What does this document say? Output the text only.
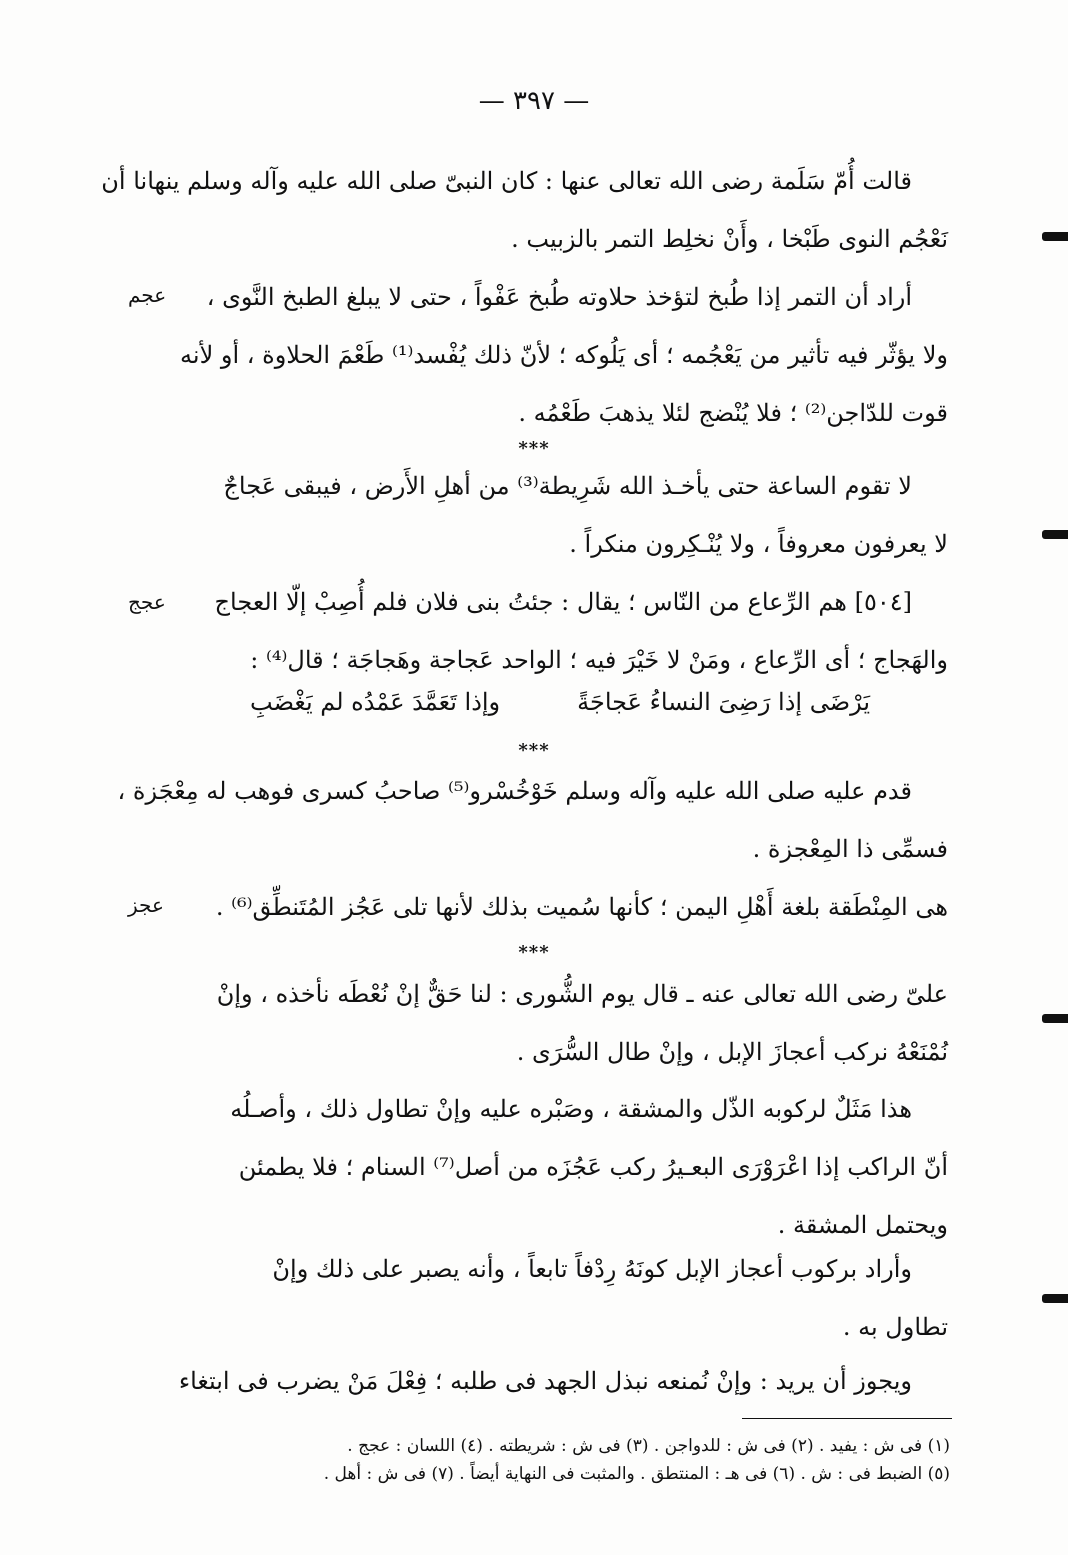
— ٣٩٧ —
قالت أُمّ سَلَمة رضى الله تعالى عنها : كان النبىّ صلى الله عليه وآله وسلم ينهانا أن
نَعْجُم النوى طَبْخا ، وأَنْ نخلِط التمر بالزبيب .
أراد أن التمر إذا طُبخ لتؤخذ حلاوته طُبخ عَفْواً ، حتى لا يبلغ الطبخ النَّوى ،
ولا يؤثّر فيه تأثير من يَعْجُمه ؛ أى يَلُوكه ؛ لأنّ ذلك يُفْسد⁽¹⁾ طَعْمَ الحلاوة ، أو لأنه
قوت للدّاجن⁽²⁾ ؛ فلا يُنْضج لئلا يذهبَ طَعْمُه .
***
لا تقوم الساعة حتى يأخـذ الله شَرِيطة⁽³⁾ من أهلِ الأَرض ، فيبقى عَجاجٌ
لا يعرفون معروفاً ، ولا يُنْـكِرون منكراً .
[٥٠٤] هم الرِّعاع من النّاس ؛ يقال : جئتُ بنى فلان فلم أُصِبْ إلّا العجاج
والهَجاج ؛ أى الرِّعاع ، ومَنْ لا خَيْرَ فيه ؛ الواحد عَجاجة وهَجاجَة ؛ قال⁽⁴⁾ :
يَرْضَى إذا رَضِىَ النساءُ عَجاجَةً
وإذا تَعَمَّدَ عَمْدُه لم يَغْضَبِ
***
قدم عليه صلى الله عليه وآله وسلم خَوْخُسْرو⁽⁵⁾ صاحبُ كسرى فوهب له مِعْجَزة ،
فسمِّى ذا المِعْجزة .
هى المِنْطَقة بلغة أَهْلِ اليمن ؛ كأنها سُميت بذلك لأنها تلى عَجُز المُتَنطِّق⁽⁶⁾ .
***
علىّ رضى الله تعالى عنه ـ قال يوم الشُّورى : لنا حَقٌّ إنْ نُعْطَه نأخذه ، وإنْ
نُمْنَعْهُ نركب أعجازَ الإبل ، وإنْ طال السُّرَى .
هذا مَثَلٌ لركوبه الذّل والمشقة ، وصَبْره عليه وإنْ تطاول ذلك ، وأصـلُه
أنّ الراكب إذا اعْرَوْرَى البعـيرُ ركب عَجُزَه من أصل⁽⁷⁾ السنام ؛ فلا يطمئن
ويحتمل المشقة .
وأراد بركوب أعجاز الإبل كونَهُ رِدْفاً تابعاً ، وأنه يصبر على ذلك وإنْ
تطاول به .
ويجوز أن يريد : وإنْ نُمنعه نبذل الجهد فى طلبه ؛ فِعْلَ مَنْ يضرب فى ابتغاء
عجم
عجج
عجز
(١) فى ش : يفيد . (٢) فى ش : للدواجن . (٣) فى ش : شريطته . (٤) اللسان : عجج .
(٥) الضبط فى : ش . (٦) فى هـ : المنتطق . والمثبت فى النهاية أيضاً . (٧) فى ش : أهل .
